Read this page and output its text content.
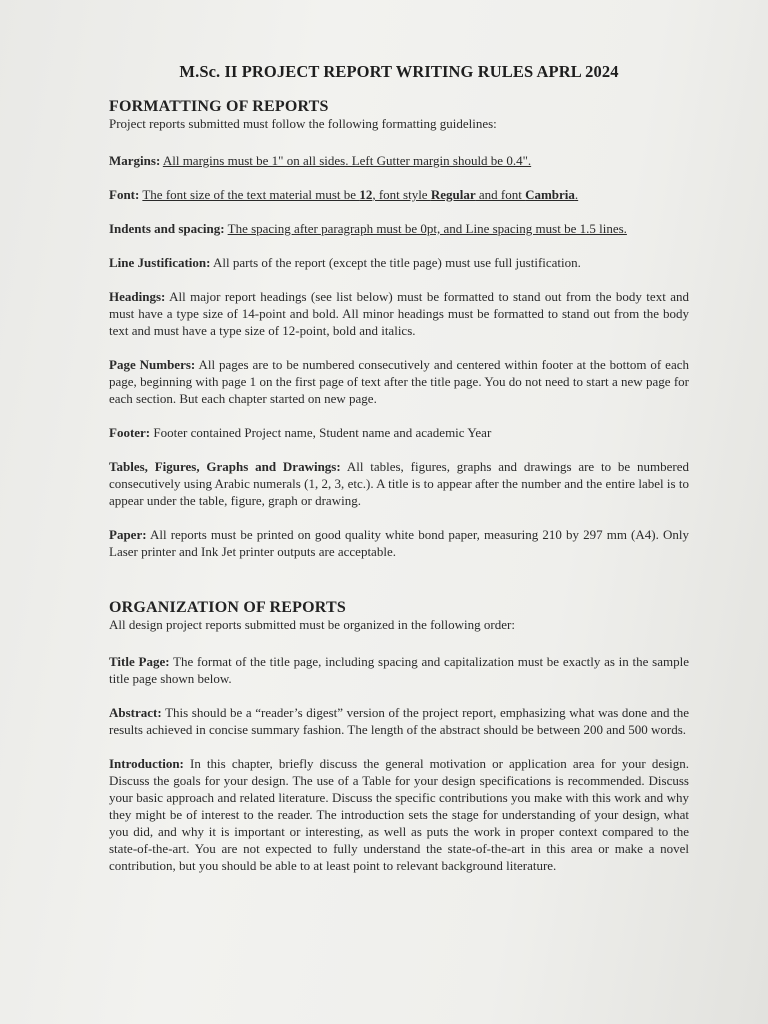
M.Sc. II PROJECT REPORT WRITING RULES APRL 2024
FORMATTING OF REPORTS
Project reports submitted must follow the following formatting guidelines:
Margins: All margins must be 1" on all sides. Left Gutter margin should be 0.4".
Font: The font size of the text material must be 12, font style Regular and font Cambria.
Indents and spacing: The spacing after paragraph must be 0pt, and Line spacing must be 1.5 lines.
Line Justification: All parts of the report (except the title page) must use full justification.
Headings: All major report headings (see list below) must be formatted to stand out from the body text and must have a type size of 14-point and bold. All minor headings must be formatted to stand out from the body text and must have a type size of 12-point, bold and italics.
Page Numbers: All pages are to be numbered consecutively and centered within footer at the bottom of each page, beginning with page 1 on the first page of text after the title page. You do not need to start a new page for each section. But each chapter started on new page.
Footer: Footer contained Project name, Student name and academic Year
Tables, Figures, Graphs and Drawings: All tables, figures, graphs and drawings are to be numbered consecutively using Arabic numerals (1, 2, 3, etc.). A title is to appear after the number and the entire label is to appear under the table, figure, graph or drawing.
Paper: All reports must be printed on good quality white bond paper, measuring 210 by 297 mm (A4). Only Laser printer and Ink Jet printer outputs are acceptable.
ORGANIZATION OF REPORTS
All design project reports submitted must be organized in the following order:
Title Page: The format of the title page, including spacing and capitalization must be exactly as in the sample title page shown below.
Abstract: This should be a “reader’s digest” version of the project report, emphasizing what was done and the results achieved in concise summary fashion. The length of the abstract should be between 200 and 500 words.
Introduction: In this chapter, briefly discuss the general motivation or application area for your design. Discuss the goals for your design. The use of a Table for your design specifications is recommended. Discuss your basic approach and related literature. Discuss the specific contributions you make with this work and why they might be of interest to the reader. The introduction sets the stage for understanding of your design, what you did, and why it is important or interesting, as well as puts the work in proper context compared to the state-of-the-art. You are not expected to fully understand the state-of-the-art in this area or make a novel contribution, but you should be able to at least point to relevant background literature.
